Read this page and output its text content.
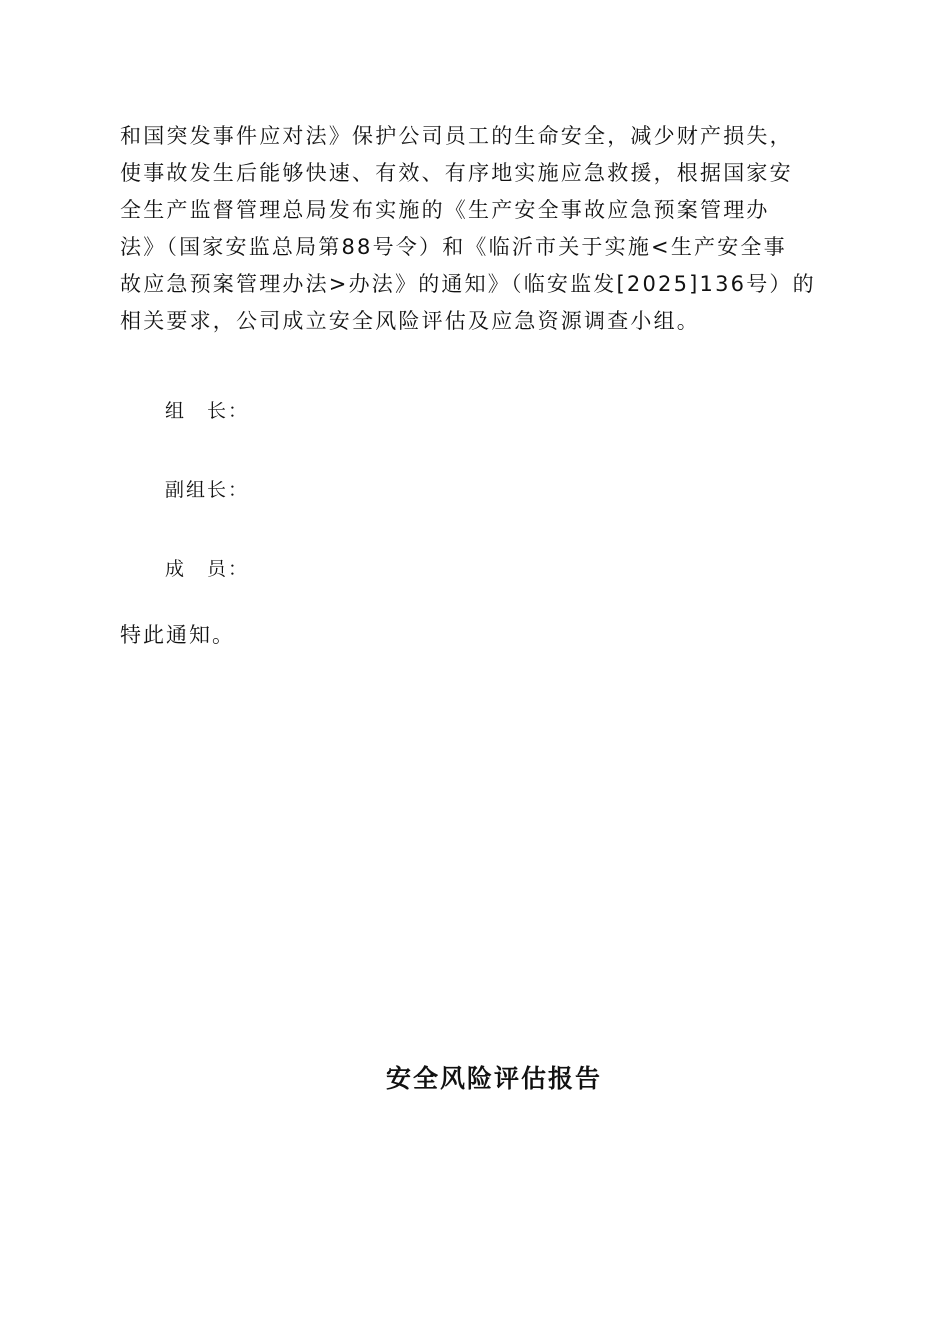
和国突发事件应对法》保护公司员工的生命安全，减少财产损失，
使事故发生后能够快速、有效、有序地实施应急救援，根据国家安
全生产监督管理总局发布实施的《生产安全事故应急预案管理办
法》（国家安监总局第88号令）和《临沂市关于实施<生产安全事
故应急预案管理办法>办法》的通知》（临安监发[2025]136号）的
相关要求，公司成立安全风险评估及应急资源调查小组。
组　长：
副组长：
成　员：
特此通知。
安全风险评估报告
